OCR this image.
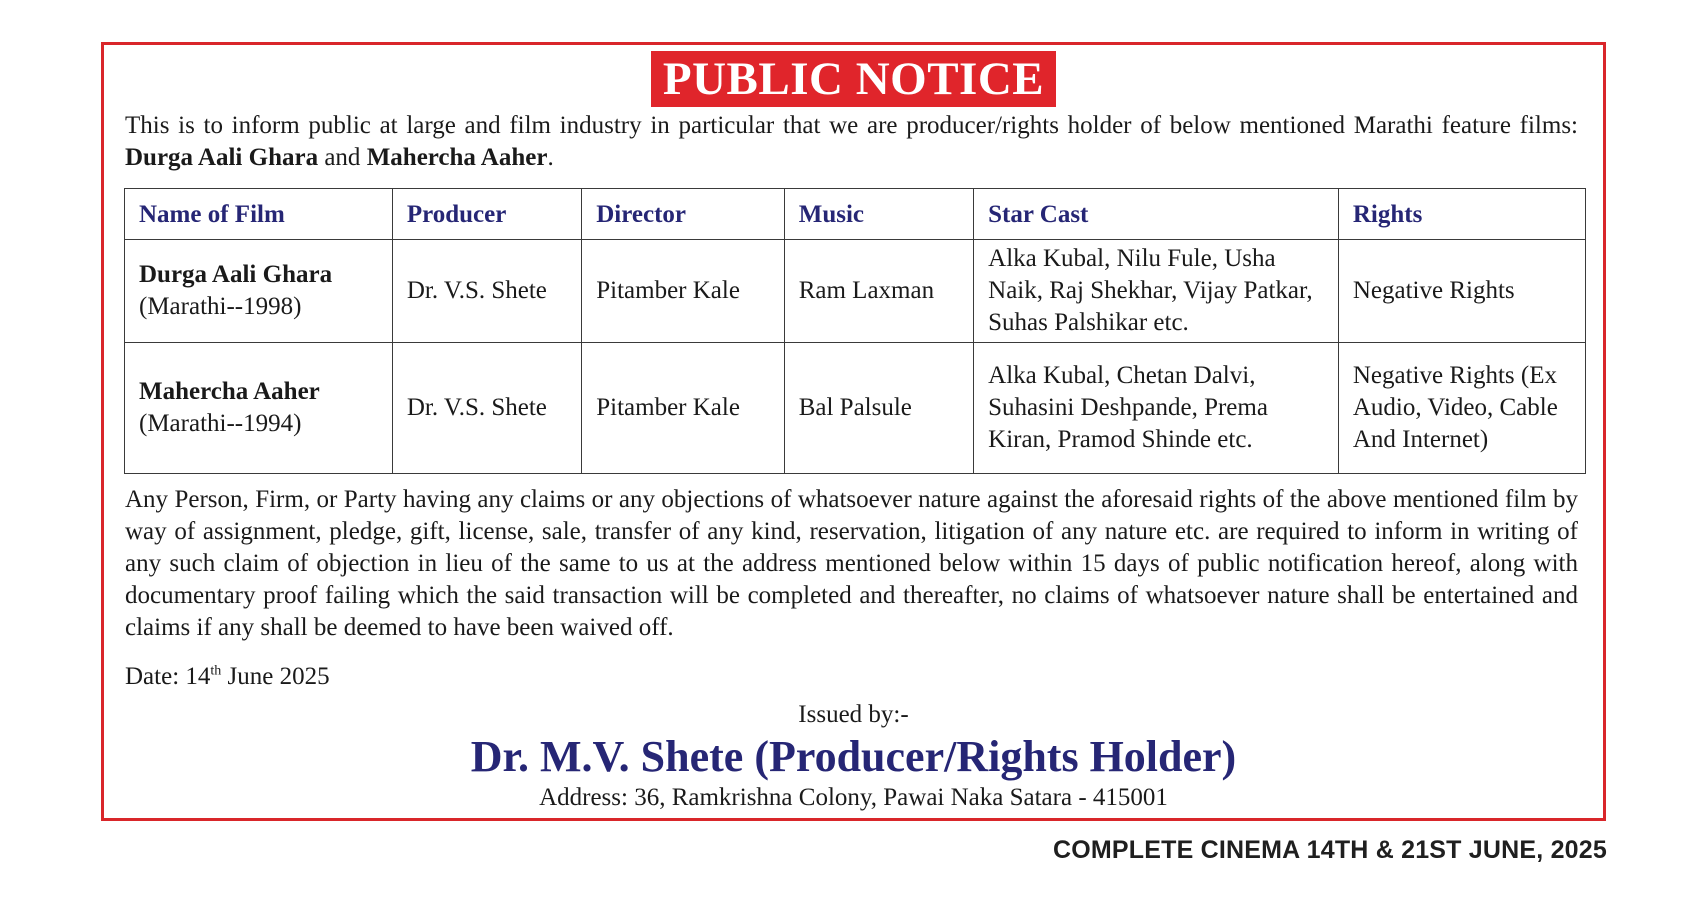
PUBLIC NOTICE
This is to inform public at large and film industry in particular that we are producer/rights holder of below mentioned Marathi feature films: Durga Aali Ghara and Mahercha Aaher.
Name of Film	Producer	Director	Music	Star Cast	Rights

Durga Aali Ghara
(Marathi--1998)	Dr. V.S. Shete	Pitamber Kale	Ram Laxman	Alka Kubal, Nilu Fule, Usha Naik, Raj Shekhar, Vijay Patkar, Suhas Palshikar etc.	Negative Rights

Mahercha Aaher
(Marathi--1994)	Dr. V.S. Shete	Pitamber Kale	Bal Palsule	Alka Kubal, Chetan Dalvi, Suhasini Deshpande, Prema Kiran, Pramod Shinde etc.	Negative Rights (Ex Audio, Video, Cable And Internet)
Any Person, Firm, or Party having any claims or any objections of whatsoever nature against the aforesaid rights of the above mentioned film by way of assignment, pledge, gift, license, sale, transfer of any kind, reservation, litigation of any nature etc. are required to inform in writing of any such claim of objection in lieu of the same to us at the address mentioned below within 15 days of public notification hereof, along with documentary proof failing which the said transaction will be completed and thereafter, no claims of whatsoever nature shall be entertained and claims if any shall be deemed to have been waived off.
Date: 14th June 2025
Issued by:-
Dr. M.V. Shete (Producer/Rights Holder)
Address: 36, Ramkrishna Colony, Pawai Naka Satara - 415001
COMPLETE CINEMA 14TH & 21ST JUNE, 2025
